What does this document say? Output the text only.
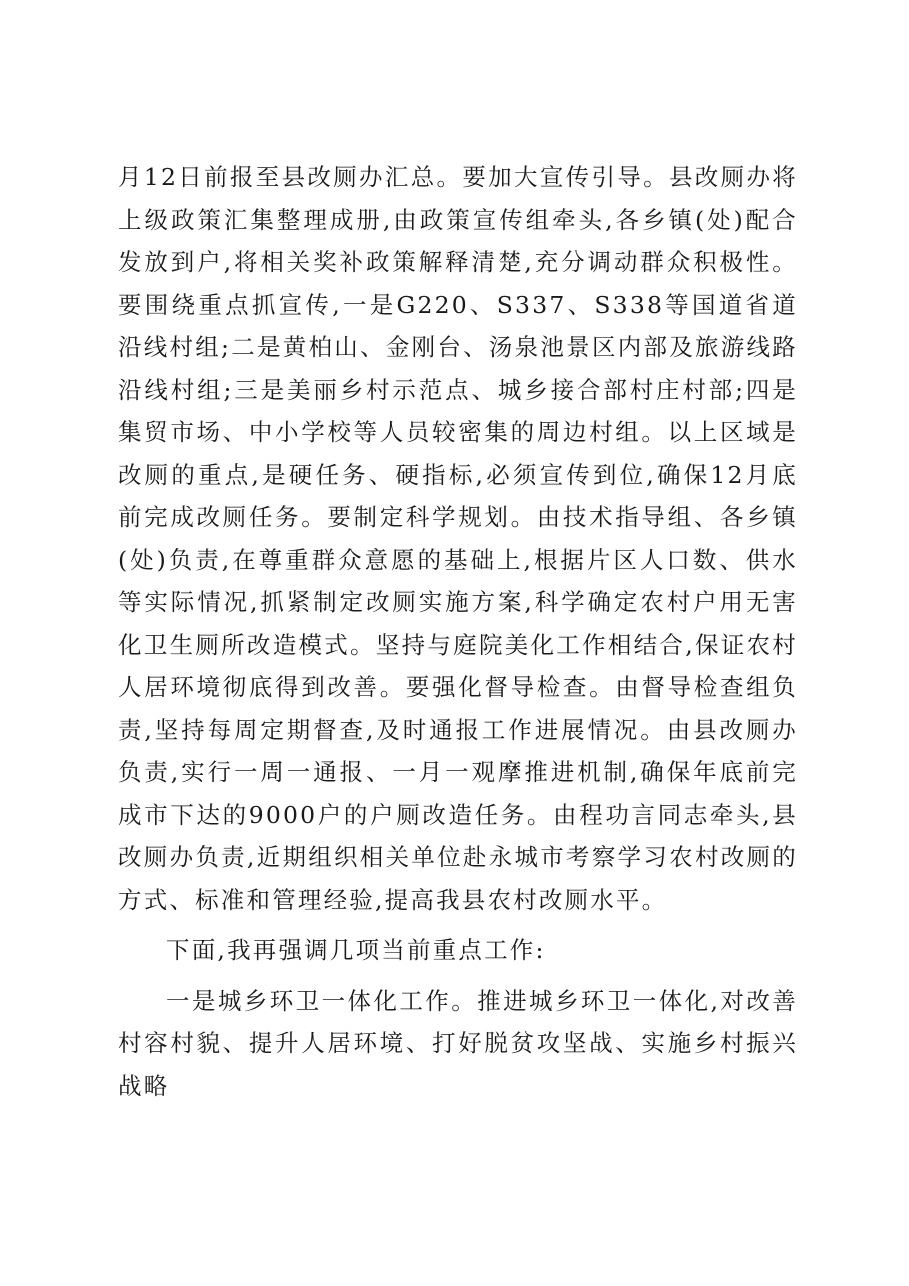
月12日前报至县改厕办汇总。要加大宣传引导。县改厕办将上级政策汇集整理成册,由政策宣传组牵头,各乡镇(处)配合发放到户,将相关奖补政策解释清楚,充分调动群众积极性。要围绕重点抓宣传,一是G220、S337、S338等国道省道沿线村组;二是黄柏山、金刚台、汤泉池景区内部及旅游线路沿线村组;三是美丽乡村示范点、城乡接合部村庄村部;四是集贸市场、中小学校等人员较密集的周边村组。以上区域是改厕的重点,是硬任务、硬指标,必须宣传到位,确保12月底前完成改厕任务。要制定科学规划。由技术指导组、各乡镇(处)负责,在尊重群众意愿的基础上,根据片区人口数、供水等实际情况,抓紧制定改厕实施方案,科学确定农村户用无害化卫生厕所改造模式。坚持与庭院美化工作相结合,保证农村人居环境彻底得到改善。要强化督导检查。由督导检查组负责,坚持每周定期督查,及时通报工作进展情况。由县改厕办负责,实行一周一通报、一月一观摩推进机制,确保年底前完成市下达的9000户的户厕改造任务。由程功言同志牵头,县改厕办负责,近期组织相关单位赴永城市考察学习农村改厕的方式、标准和管理经验,提高我县农村改厕水平。

下面,我再强调几项当前重点工作:

一是城乡环卫一体化工作。推进城乡环卫一体化,对改善村容村貌、提升人居环境、打好脱贫攻坚战、实施乡村振兴战略
